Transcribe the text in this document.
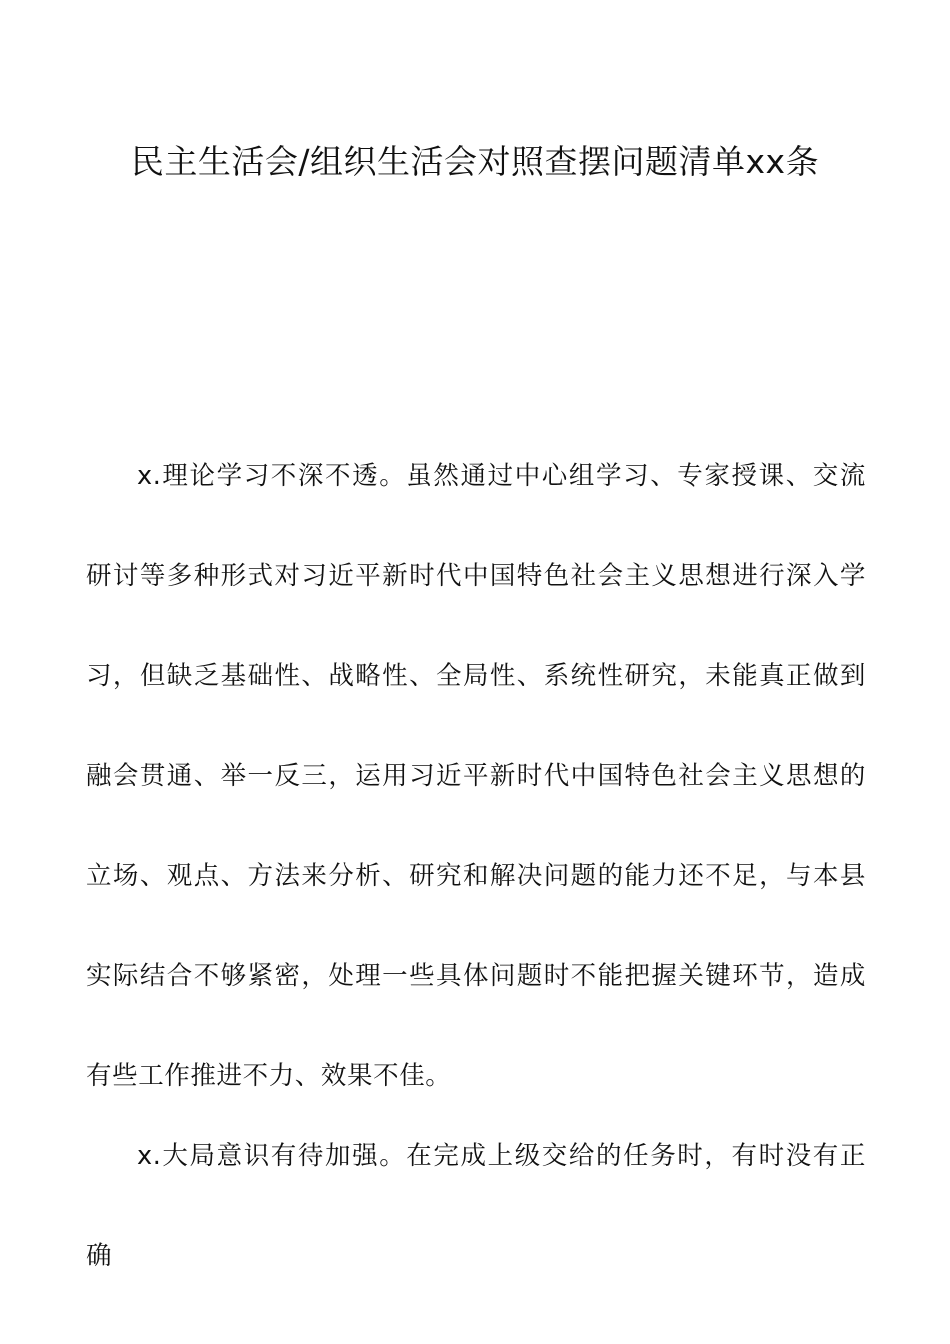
民主生活会/组织生活会对照查摆问题清单xx条

x.理论学习不深不透。虽然通过中心组学习、专家授课、交流研讨等多种形式对习近平新时代中国特色社会主义思想进行深入学习，但缺乏基础性、战略性、全局性、系统性研究，未能真正做到融会贯通、举一反三，运用习近平新时代中国特色社会主义思想的立场、观点、方法来分析、研究和解决问题的能力还不足，与本县实际结合不够紧密，处理一些具体问题时不能把握关键环节，造成有些工作推进不力、效果不佳。

x.大局意识有待加强。在完成上级交给的任务时，有时没有正确
